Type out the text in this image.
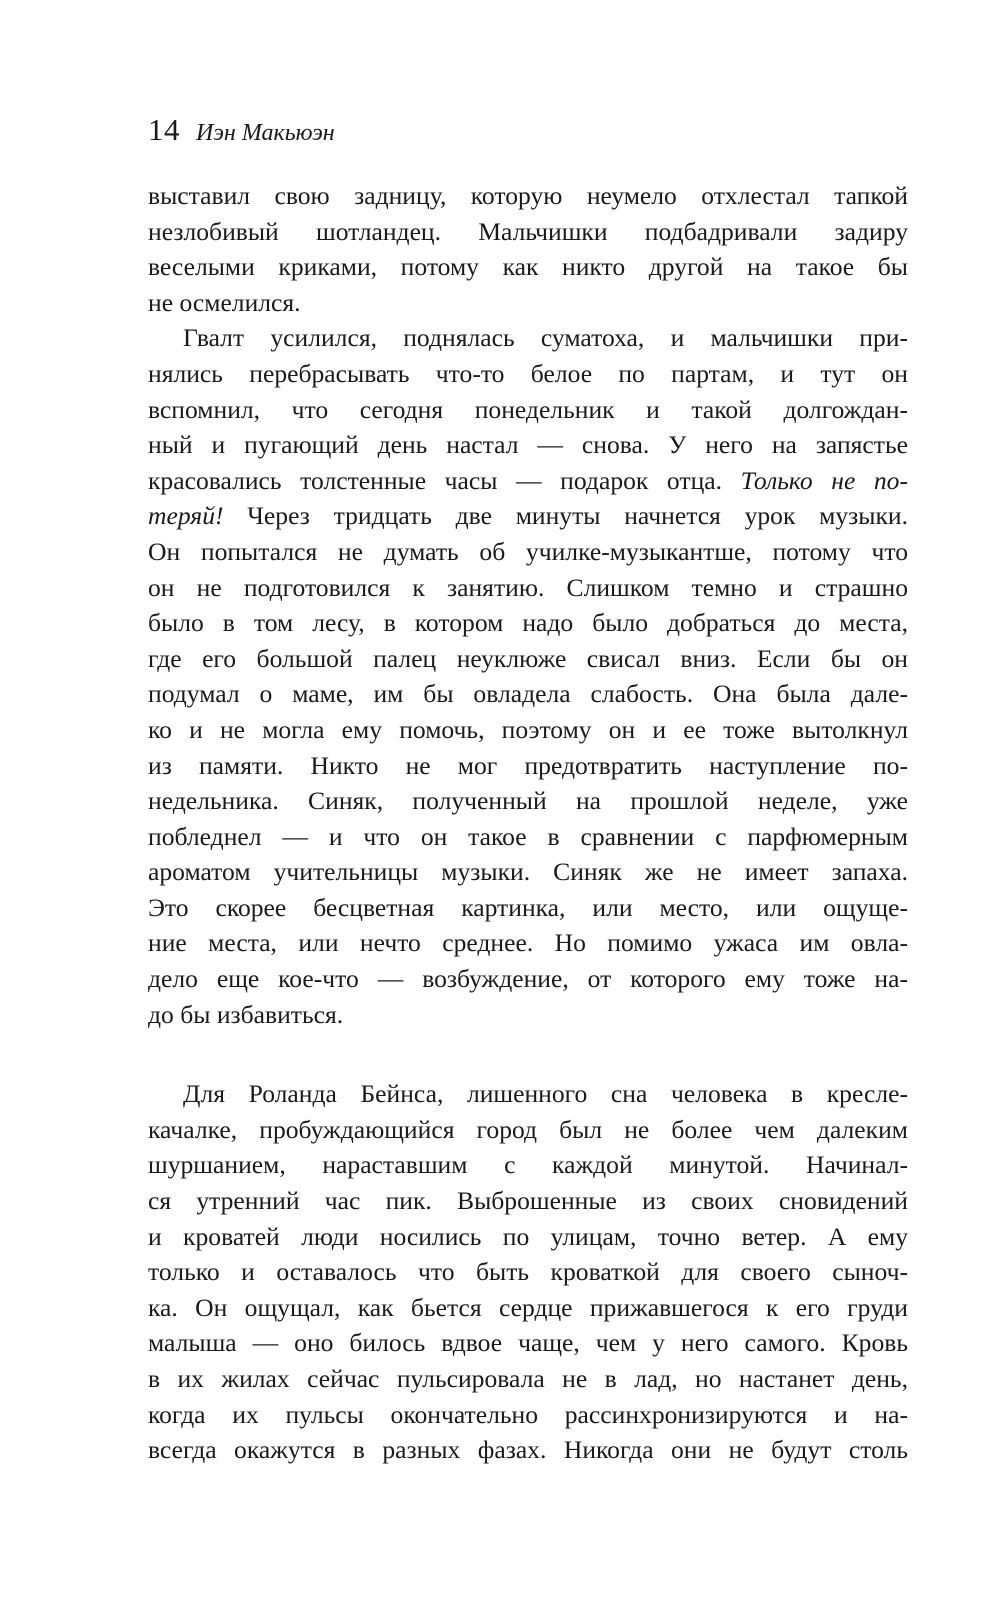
14 Иэн Макьюэн
выставил свою задницу, которую неумело отхлестал тапкой
незлобивый шотландец. Мальчишки подбадривали задиру
веселыми криками, потому как никто другой на такое бы
не осмелился.
Гвалт усилился, поднялась суматоха, и мальчишки при-
нялись перебрасывать что-то белое по партам, и тут он
вспомнил, что сегодня понедельник и такой долгождан-
ный и пугающий день настал — снова. У него на запястье
красовались толстенные часы — подарок отца. Только не по-
теряй! Через тридцать две минуты начнется урок музыки.
Он попытался не думать об училке-музыкантше, потому что
он не подготовился к занятию. Слишком темно и страшно
было в том лесу, в котором надо было добраться до места,
где его большой палец неуклюже свисал вниз. Если бы он
подумал о маме, им бы овладела слабость. Она была дале-
ко и не могла ему помочь, поэтому он и ее тоже вытолкнул
из памяти. Никто не мог предотвратить наступление по-
недельника. Синяк, полученный на прошлой неделе, уже
побледнел — и что он такое в сравнении с парфюмерным
ароматом учительницы музыки. Синяк же не имеет запаха.
Это скорее бесцветная картинка, или место, или ощуще-
ние места, или нечто среднее. Но помимо ужаса им овла-
дело еще кое-что — возбуждение, от которого ему тоже на-
до бы избавиться.
Для Роланда Бейнса, лишенного сна человека в кресле-
качалке, пробуждающийся город был не более чем далеким
шуршанием, нараставшим с каждой минутой. Начинал-
ся утренний час пик. Выброшенные из своих сновидений
и кроватей люди носились по улицам, точно ветер. А ему
только и оставалось что быть кроваткой для своего сыноч-
ка. Он ощущал, как бьется сердце прижавшегося к его груди
малыша — оно билось вдвое чаще, чем у него самого. Кровь
в их жилах сейчас пульсировала не в лад, но настанет день,
когда их пульсы окончательно рассинхронизируются и на-
всегда окажутся в разных фазах. Никогда они не будут столь
